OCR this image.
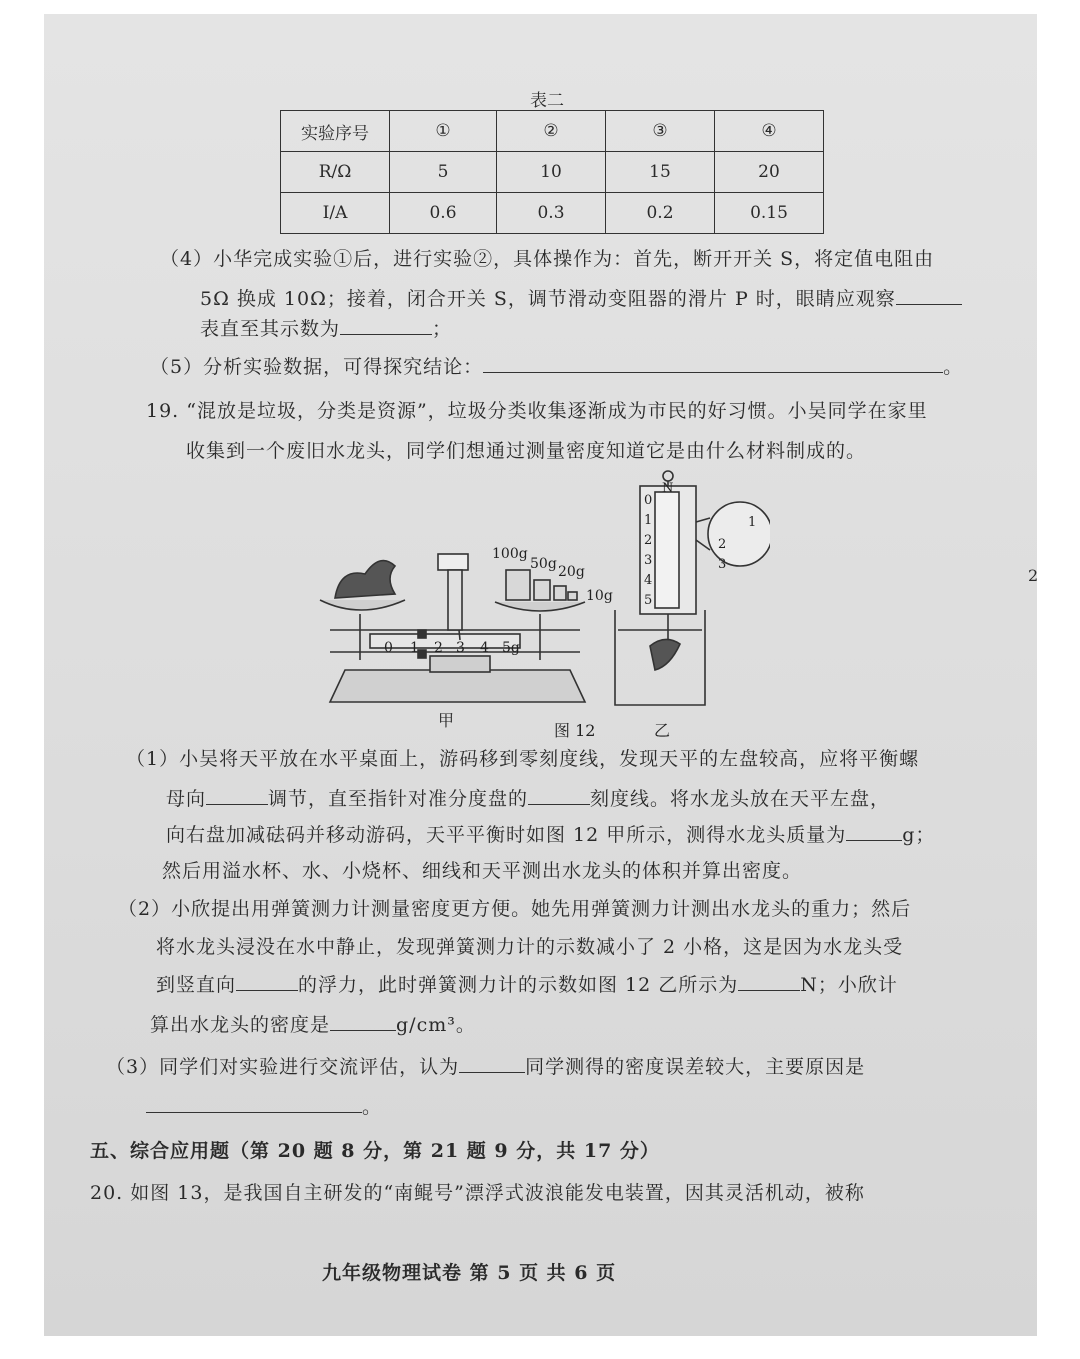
表二
实验序号	①	②	③	④
R/Ω	5	10	15	20
I/A	0.6	0.3	0.2	0.15
（4）小华完成实验①后，进行实验②，具体操作为：首先，断开开关 S，将定值电阻由
5Ω 换成 10Ω；接着，闭合开关 S，调节滑动变阻器的滑片 P 时，眼睛应观察
表直至其示数为	；
（5）分析实验数据，可得探究结论：	。
19. “混放是垃圾，分类是资源”，垃圾分类收集逐渐成为市民的好习惯。小吴同学在家里
收集到一个废旧水龙头，同学们想通过测量密度知道它是由什么材料制成的。
100g
50g 20g
10g
0 1 2 3 4 5g
N
0
1
2
3
4
5
1
2
3
甲
图 12	乙
（1）小吴将天平放在水平桌面上，游码移到零刻度线，发现天平的左盘较高，应将平衡螺
母向	调节，直至指针对准分度盘的	刻度线。将水龙头放在天平左盘，
向右盘加减砝码并移动游码，天平平衡时如图 12 甲所示，测得水龙头质量为	g；
然后用溢水杯、水、小烧杯、细线和天平测出水龙头的体积并算出密度。
（2）小欣提出用弹簧测力计测量密度更方便。她先用弹簧测力计测出水龙头的重力；然后
将水龙头浸没在水中静止，发现弹簧测力计的示数减小了 2 小格，这是因为水龙头受
到竖直向	的浮力，此时弹簧测力计的示数如图 12 乙所示为	N；小欣计
算出水龙头的密度是	g/cm³。
（3）同学们对实验进行交流评估，认为	同学测得的密度误差较大，主要原因是
。
五、综合应用题（第 20 题 8 分，第 21 题 9 分，共 17 分）
20. 如图 13，是我国自主研发的“南鲲号”漂浮式波浪能发电装置，因其灵活机动，被称
九年级物理试卷 第 5 页 共 6 页
2
